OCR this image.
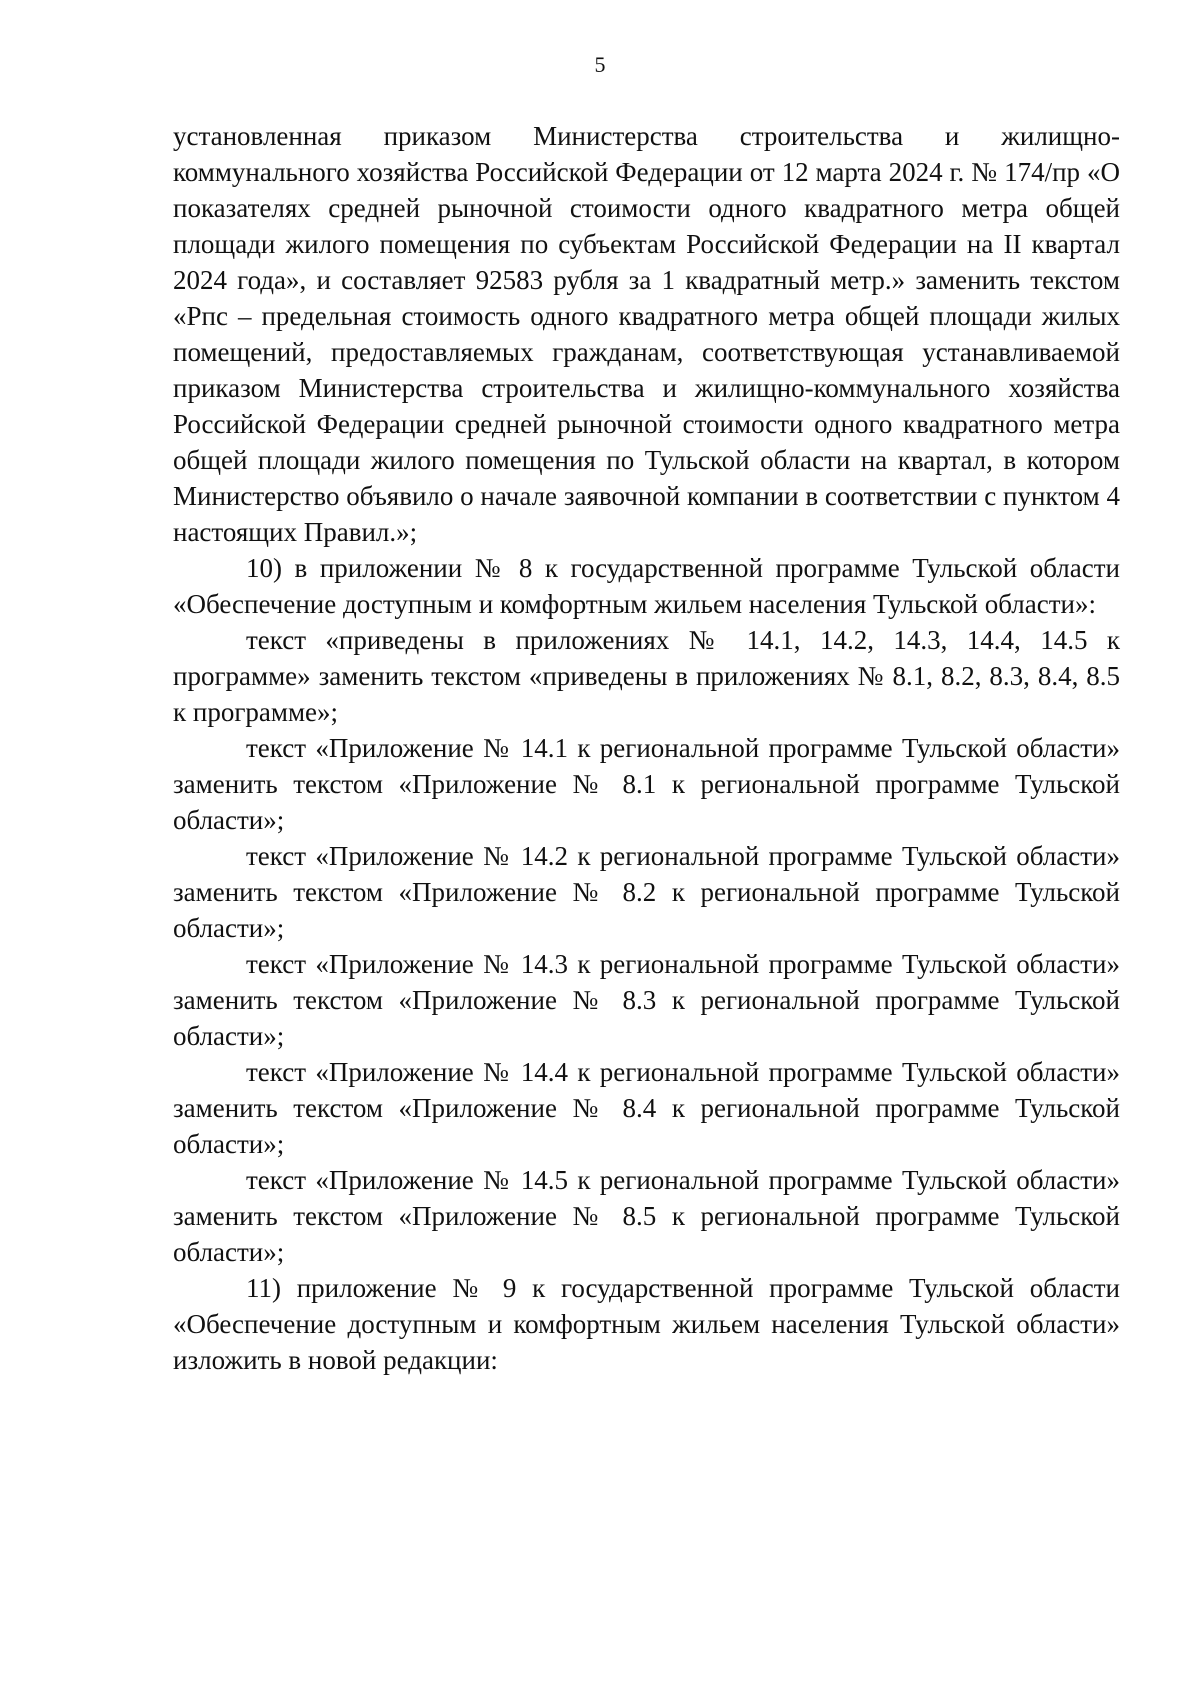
5

установленная приказом Министерства строительства и жилищно-коммунального хозяйства Российской Федерации от 12 марта 2024 г. № 174/пр «О показателях средней рыночной стоимости одного квадратного метра общей площади жилого помещения по субъектам Российской Федерации на II квартал 2024 года», и составляет 92583 рубля за 1 квадратный метр.» заменить текстом «Рпс – предельная стоимость одного квадратного метра общей площади жилых помещений, предоставляемых гражданам, соответствующая устанавливаемой приказом Министерства строительства и жилищно-коммунального хозяйства Российской Федерации средней рыночной стоимости одного квадратного метра общей площади жилого помещения по Тульской области на квартал, в котором Министерство объявило о начале заявочной компании в соответствии с пунктом 4 настоящих Правил.»;

10) в приложении № 8 к государственной программе Тульской области «Обеспечение доступным и комфортным жильем населения Тульской области»:

текст «приведены в приложениях № 14.1, 14.2, 14.3, 14.4, 14.5 к программе» заменить текстом «приведены в приложениях № 8.1, 8.2, 8.3, 8.4, 8.5 к программе»;

текст «Приложение № 14.1 к региональной программе Тульской области» заменить текстом «Приложение № 8.1 к региональной программе Тульской области»;

текст «Приложение № 14.2 к региональной программе Тульской области» заменить текстом «Приложение № 8.2 к региональной программе Тульской области»;

текст «Приложение № 14.3 к региональной программе Тульской области» заменить текстом «Приложение № 8.3 к региональной программе Тульской области»;

текст «Приложение № 14.4 к региональной программе Тульской области» заменить текстом «Приложение № 8.4 к региональной программе Тульской области»;

текст «Приложение № 14.5 к региональной программе Тульской области» заменить текстом «Приложение № 8.5 к региональной программе Тульской области»;

11) приложение № 9 к государственной программе Тульской области «Обеспечение доступным и комфортным жильем населения Тульской области» изложить в новой редакции:
